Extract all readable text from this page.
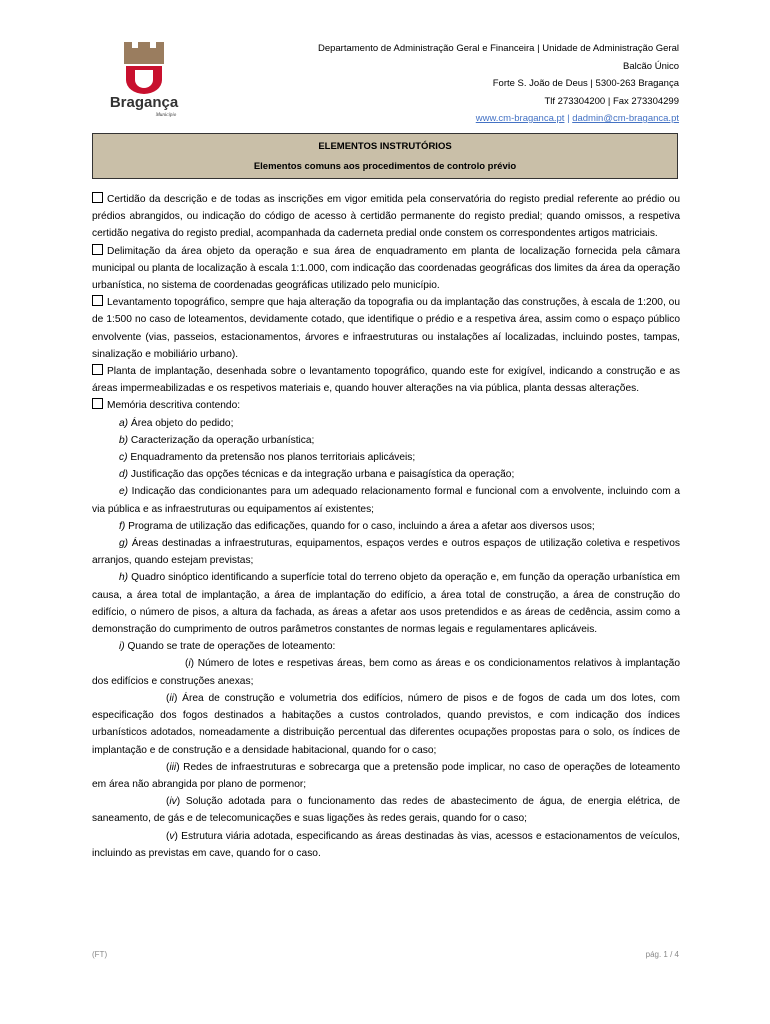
Bragança
Município
Departamento de Administração Geral e Financeira | Unidade de Administração Geral
Balcão Único
Forte S. João de Deus | 5300-263 Bragança
Tlf 273304200 | Fax 273304299
www.cm-braganca.pt | dadmin@cm-braganca.pt
ELEMENTOS INSTRUTÓRIOS
Elementos comuns aos procedimentos de controlo prévio

Certidão da descrição e de todas as inscrições em vigor emitida pela conservatória do registo predial referente ao prédio ou prédios abrangidos, ou indicação do código de acesso à certidão permanente do registo predial; quando omissos, a respetiva certidão negativa do registo predial, acompanhada da caderneta predial onde constem os correspondentes artigos matriciais.

Delimitação da área objeto da operação e sua área de enquadramento em planta de localização fornecida pela câmara municipal ou planta de localização à escala 1:1.000, com indicação das coordenadas geográficas dos limites da área da operação urbanística, no sistema de coordenadas geográficas utilizado pelo município.

Levantamento topográfico, sempre que haja alteração da topografia ou da implantação das construções, à escala de 1:200, ou de 1:500 no caso de loteamentos, devidamente cotado, que identifique o prédio e a respetiva área, assim como o espaço público envolvente (vias, passeios, estacionamentos, árvores e infraestruturas ou instalações aí localizadas, incluindo postes, tampas, sinalização e mobiliário urbano).

Planta de implantação, desenhada sobre o levantamento topográfico, quando este for exigível, indicando a construção e as áreas impermeabilizadas e os respetivos materiais e, quando houver alterações na via pública, planta dessas alterações.

Memória descritiva contendo:

a) Área objeto do pedido;

b) Caracterização da operação urbanística;

c) Enquadramento da pretensão nos planos territoriais aplicáveis;

d) Justificação das opções técnicas e da integração urbana e paisagística da operação;

e) Indicação das condicionantes para um adequado relacionamento formal e funcional com a envolvente, incluindo com a via pública e as infraestruturas ou equipamentos aí existentes;

f) Programa de utilização das edificações, quando for o caso, incluindo a área a afetar aos diversos usos;

g) Áreas destinadas a infraestruturas, equipamentos, espaços verdes e outros espaços de utilização coletiva e respetivos arranjos, quando estejam previstas;

h) Quadro sinóptico identificando a superfície total do terreno objeto da operação e, em função da operação urbanística em causa, a área total de implantação, a área de implantação do edifício, a área total de construção, a área de construção do edifício, o número de pisos, a altura da fachada, as áreas a afetar aos usos pretendidos e as áreas de cedência, assim como a demonstração do cumprimento de outros parâmetros constantes de normas legais e regulamentares aplicáveis.

i) Quando se trate de operações de loteamento:

(i) Número de lotes e respetivas áreas, bem como as áreas e os condicionamentos relativos à implantação dos edifícios e construções anexas;

(ii) Área de construção e volumetria dos edifícios, número de pisos e de fogos de cada um dos lotes, com especificação dos fogos destinados a habitações a custos controlados, quando previstos, e com indicação dos índices urbanísticos adotados, nomeadamente a distribuição percentual das diferentes ocupações propostas para o solo, os índices de implantação e de construção e a densidade habitacional, quando for o caso;

(iii) Redes de infraestruturas e sobrecarga que a pretensão pode implicar, no caso de operações de loteamento em área não abrangida por plano de pormenor;

(iv) Solução adotada para o funcionamento das redes de abastecimento de água, de energia elétrica, de saneamento, de gás e de telecomunicações e suas ligações às redes gerais, quando for o caso;

(v) Estrutura viária adotada, especificando as áreas destinadas às vias, acessos e estacionamentos de veículos, incluindo as previstas em cave, quando for o caso.

(FT)	pág. 1 / 4
